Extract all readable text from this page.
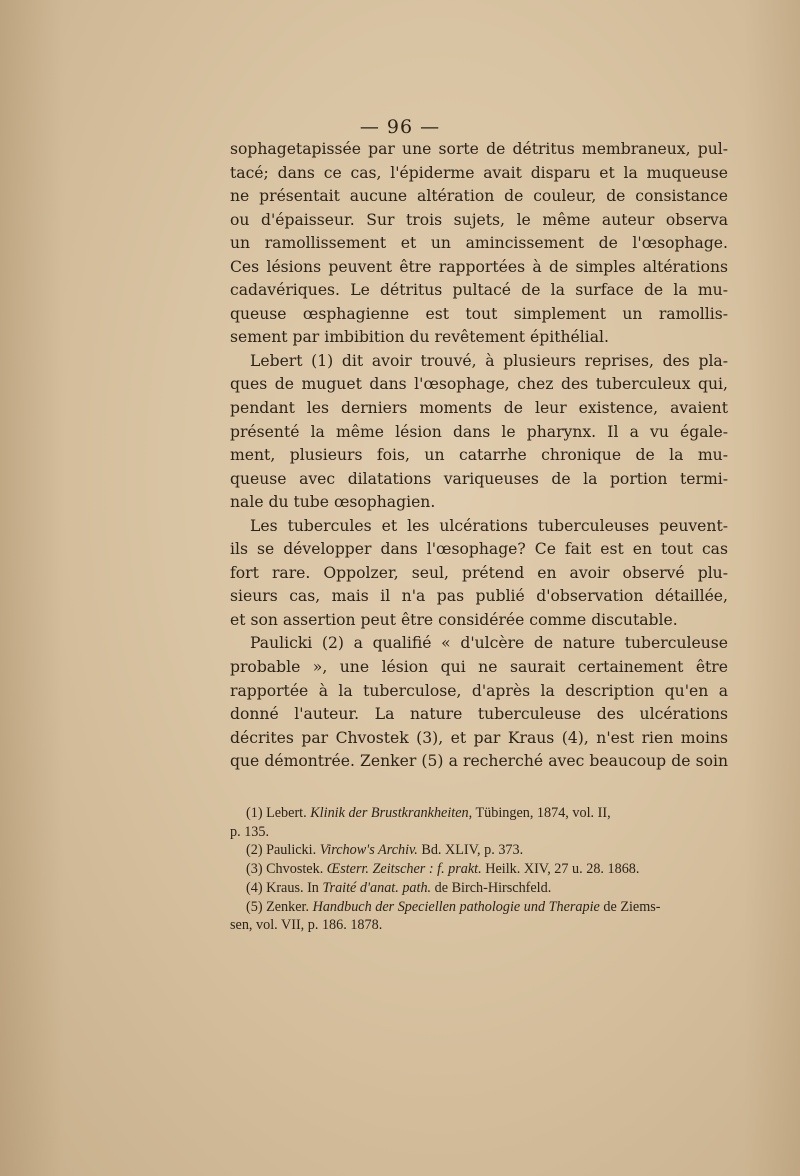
— 96 —
sophagetapissée par une sorte de détritus membraneux, pul-
tacé; dans ce cas, l'épiderme avait disparu et la muqueuse
ne présentait aucune altération de couleur, de consistance
ou d'épaisseur. Sur trois sujets, le même auteur observa
un ramollissement et un amincissement de l'œsophage.
Ces lésions peuvent être rapportées à de simples altérations
cadavériques. Le détritus pultacé de la surface de la mu-
queuse œsphagienne est tout simplement un ramollis-
sement par imbibition du revêtement épithélial.
Lebert (1) dit avoir trouvé, à plusieurs reprises, des pla-
ques de muguet dans l'œsophage, chez des tuberculeux qui,
pendant les derniers moments de leur existence, avaient
présenté la même lésion dans le pharynx. Il a vu égale-
ment, plusieurs fois, un catarrhe chronique de la mu-
queuse avec dilatations variqueuses de la portion termi-
nale du tube œsophagien.
Les tubercules et les ulcérations tuberculeuses peuvent-
ils se développer dans l'œsophage? Ce fait est en tout cas
fort rare. Oppolzer, seul, prétend en avoir observé plu-
sieurs cas, mais il n'a pas publié d'observation détaillée,
et son assertion peut être considérée comme discutable.
Paulicki (2) a qualifié « d'ulcère de nature tuberculeuse
probable », une lésion qui ne saurait certainement être
rapportée à la tuberculose, d'après la description qu'en a
donné l'auteur. La nature tuberculeuse des ulcérations
décrites par Chvostek (3), et par Kraus (4), n'est rien moins
que démontrée. Zenker (5) a recherché avec beaucoup de soin
(1) Lebert. Klinik der Brustkrankheiten, Tübingen, 1874, vol. II,
p. 135.
(2) Paulicki. Virchow's Archiv. Bd. XLIV, p. 373.
(3) Chvostek. Œsterr. Zeitscher : f. prakt. Heilk. XIV, 27 u. 28. 1868.
(4) Kraus. In Traité d'anat. path. de Birch-Hirschfeld.
(5) Zenker. Handbuch der Speciellen pathologie und Therapie de Ziems-
sen, vol. VII, p. 186. 1878.
